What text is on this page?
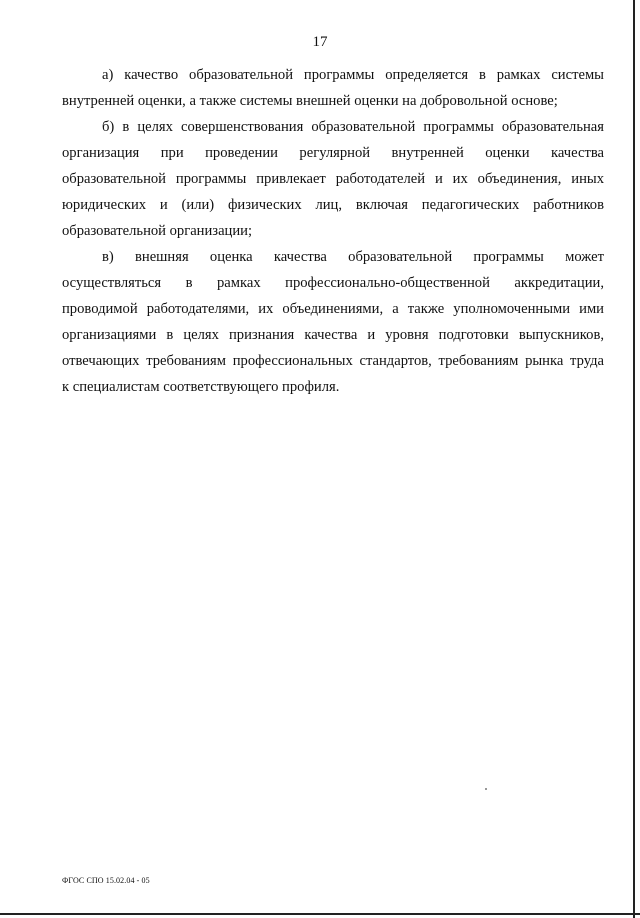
17

а) качество образовательной программы определяется в рамках системы
внутренней оценки, а также системы внешней оценки на добровольной основе;

б) в целях совершенствования образовательной программы образовательная
организация при проведении регулярной внутренней оценки качества
образовательной программы привлекает работодателей и их объединения, иных
юридических и (или) физических лиц, включая педагогических работников
образовательной организации;

в) внешняя оценка качества образовательной программы может
осуществляться в рамках профессионально-общественной аккредитации,
проводимой работодателями, их объединениями, а также уполномоченными ими
организациями в целях признания качества и уровня подготовки выпускников,
отвечающих требованиям профессиональных стандартов, требованиям рынка труда
к специалистам соответствующего профиля.

ФГОС СПО 15.02.04 - 05
